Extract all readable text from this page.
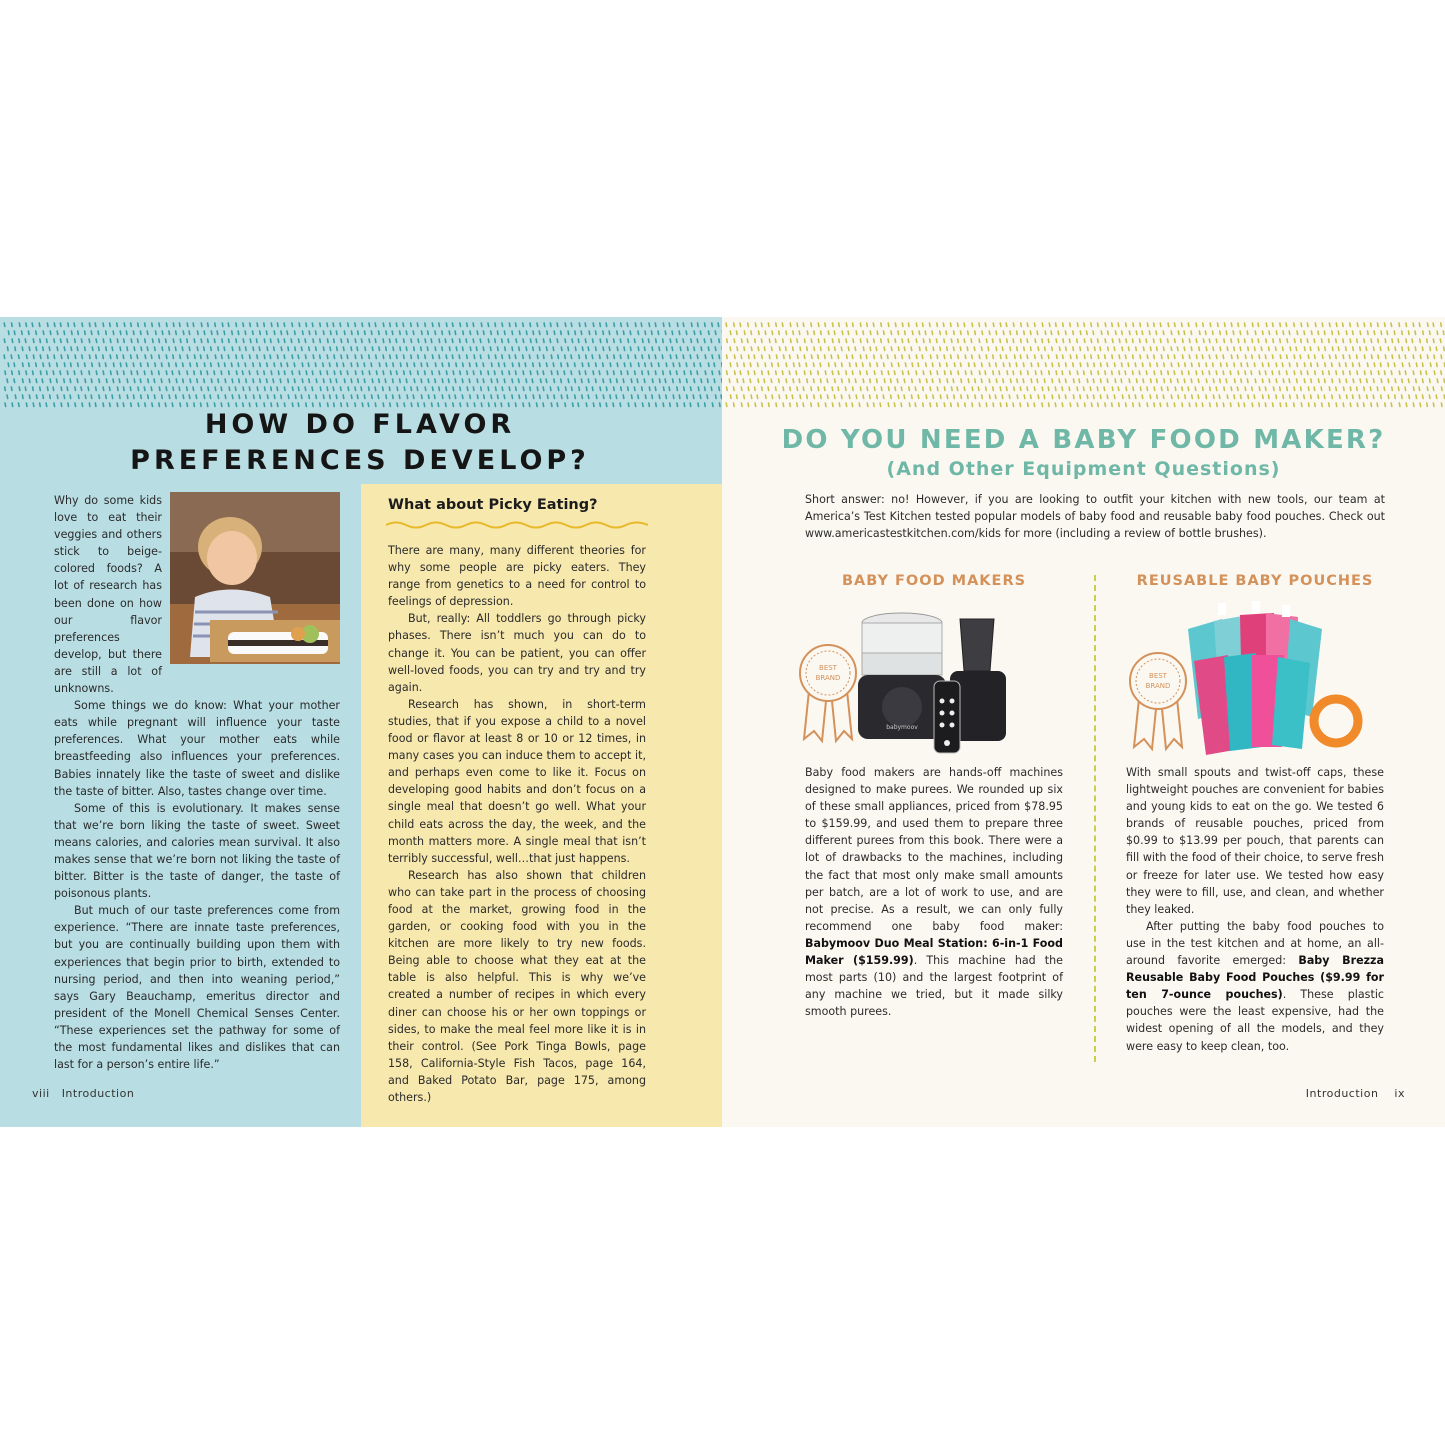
HOW DO FLAVOR
PREFERENCES DEVELOP?

Why do some kids love to eat their veggies and others stick to beige-colored foods? A lot of research has been done on how our flavor preferences develop, but there are still a lot of unknowns.

Some things we do know: What your mother eats while pregnant will influence your taste preferences. What your mother eats while breastfeeding also influences your preferences. Babies innately like the taste of sweet and dislike the taste of bitter. Also, tastes change over time.

Some of this is evolutionary. It makes sense that we’re born liking the taste of sweet. Sweet means calories, and calories mean survival. It also makes sense that we’re born not liking the taste of bitter. Bitter is the taste of danger, the taste of poisonous plants.

But much of our taste preferences come from experience. “There are innate taste preferences, but you are continually building upon them with experiences that begin prior to birth, extended to nursing period, and then into weaning period,” says Gary Beauchamp, emeritus director and president of the Monell Chemical Senses Center. “These experiences set the pathway for some of the most fundamental likes and dislikes that can last for a person’s entire life.”

What about Picky Eating?

There are many, many different theories for why some people are picky eaters. They range from genetics to a need for control to feelings of depression.

But, really: All toddlers go through picky phases. There isn’t much you can do to change it. You can be patient, you can offer well-loved foods, you can try and try and try again.

Research has shown, in short-term studies, that if you expose a child to a novel food or flavor at least 8 or 10 or 12 times, in many cases you can induce them to accept it, and perhaps even come to like it. Focus on developing good habits and don’t focus on a single meal that doesn’t go well. What your child eats across the day, the week, and the month matters more. A single meal that isn’t terribly successful, well…that just happens.

Research has also shown that children who can take part in the process of choosing food at the market, growing food in the garden, or cooking food with you in the kitchen are more likely to try new foods. Being able to choose what they eat at the table is also helpful. This is why we’ve created a number of recipes in which every diner can choose his or her own toppings or sides, to make the meal feel more like it is in their control. (See Pork Tinga Bowls, page 158, California-Style Fish Tacos, page 164, and Baked Potato Bar, page 175, among others.)

viii Introduction
DO YOU NEED A BABY FOOD MAKER?
(And Other Equipment Questions)

Short answer: no! However, if you are looking to outfit your kitchen with new tools, our team at America’s Test Kitchen tested popular models of baby food and reusable baby food pouches. Check out www.americastestkitchen.com/kids for more (including a review of bottle brushes).

BABY FOOD MAKERS	REUSABLE BABY POUCHES
BEST
BRAND
babymoov
BEST
BRAND

Baby food makers are hands-off machines designed to make purees. We rounded up six of these small appliances, priced from $78.95 to $159.99, and used them to prepare three different purees from this book. There were a lot of drawbacks to the machines, including the fact that most only make small amounts per batch, are a lot of work to use, and are not precise. As a result, we can only fully recommend one baby food maker: Babymoov Duo Meal Station: 6-in-1 Food Maker ($159.99). This machine had the most parts (10) and the largest footprint of any machine we tried, but it made silky smooth purees.

With small spouts and twist-off caps, these lightweight pouches are convenient for babies and young kids to eat on the go. We tested 6 brands of reusable pouches, priced from $0.99 to $13.99 per pouch, that parents can fill with the food of their choice, to serve fresh or freeze for later use. We tested how easy they were to fill, use, and clean, and whether they leaked.

After putting the baby food pouches to use in the test kitchen and at home, an all-around favorite emerged: Baby Brezza Reusable Baby Food Pouches ($9.99 for ten 7-ounce pouches). These plastic pouches were the least expensive, had the widest opening of all the models, and they were easy to keep clean, too.

Introduction ix
